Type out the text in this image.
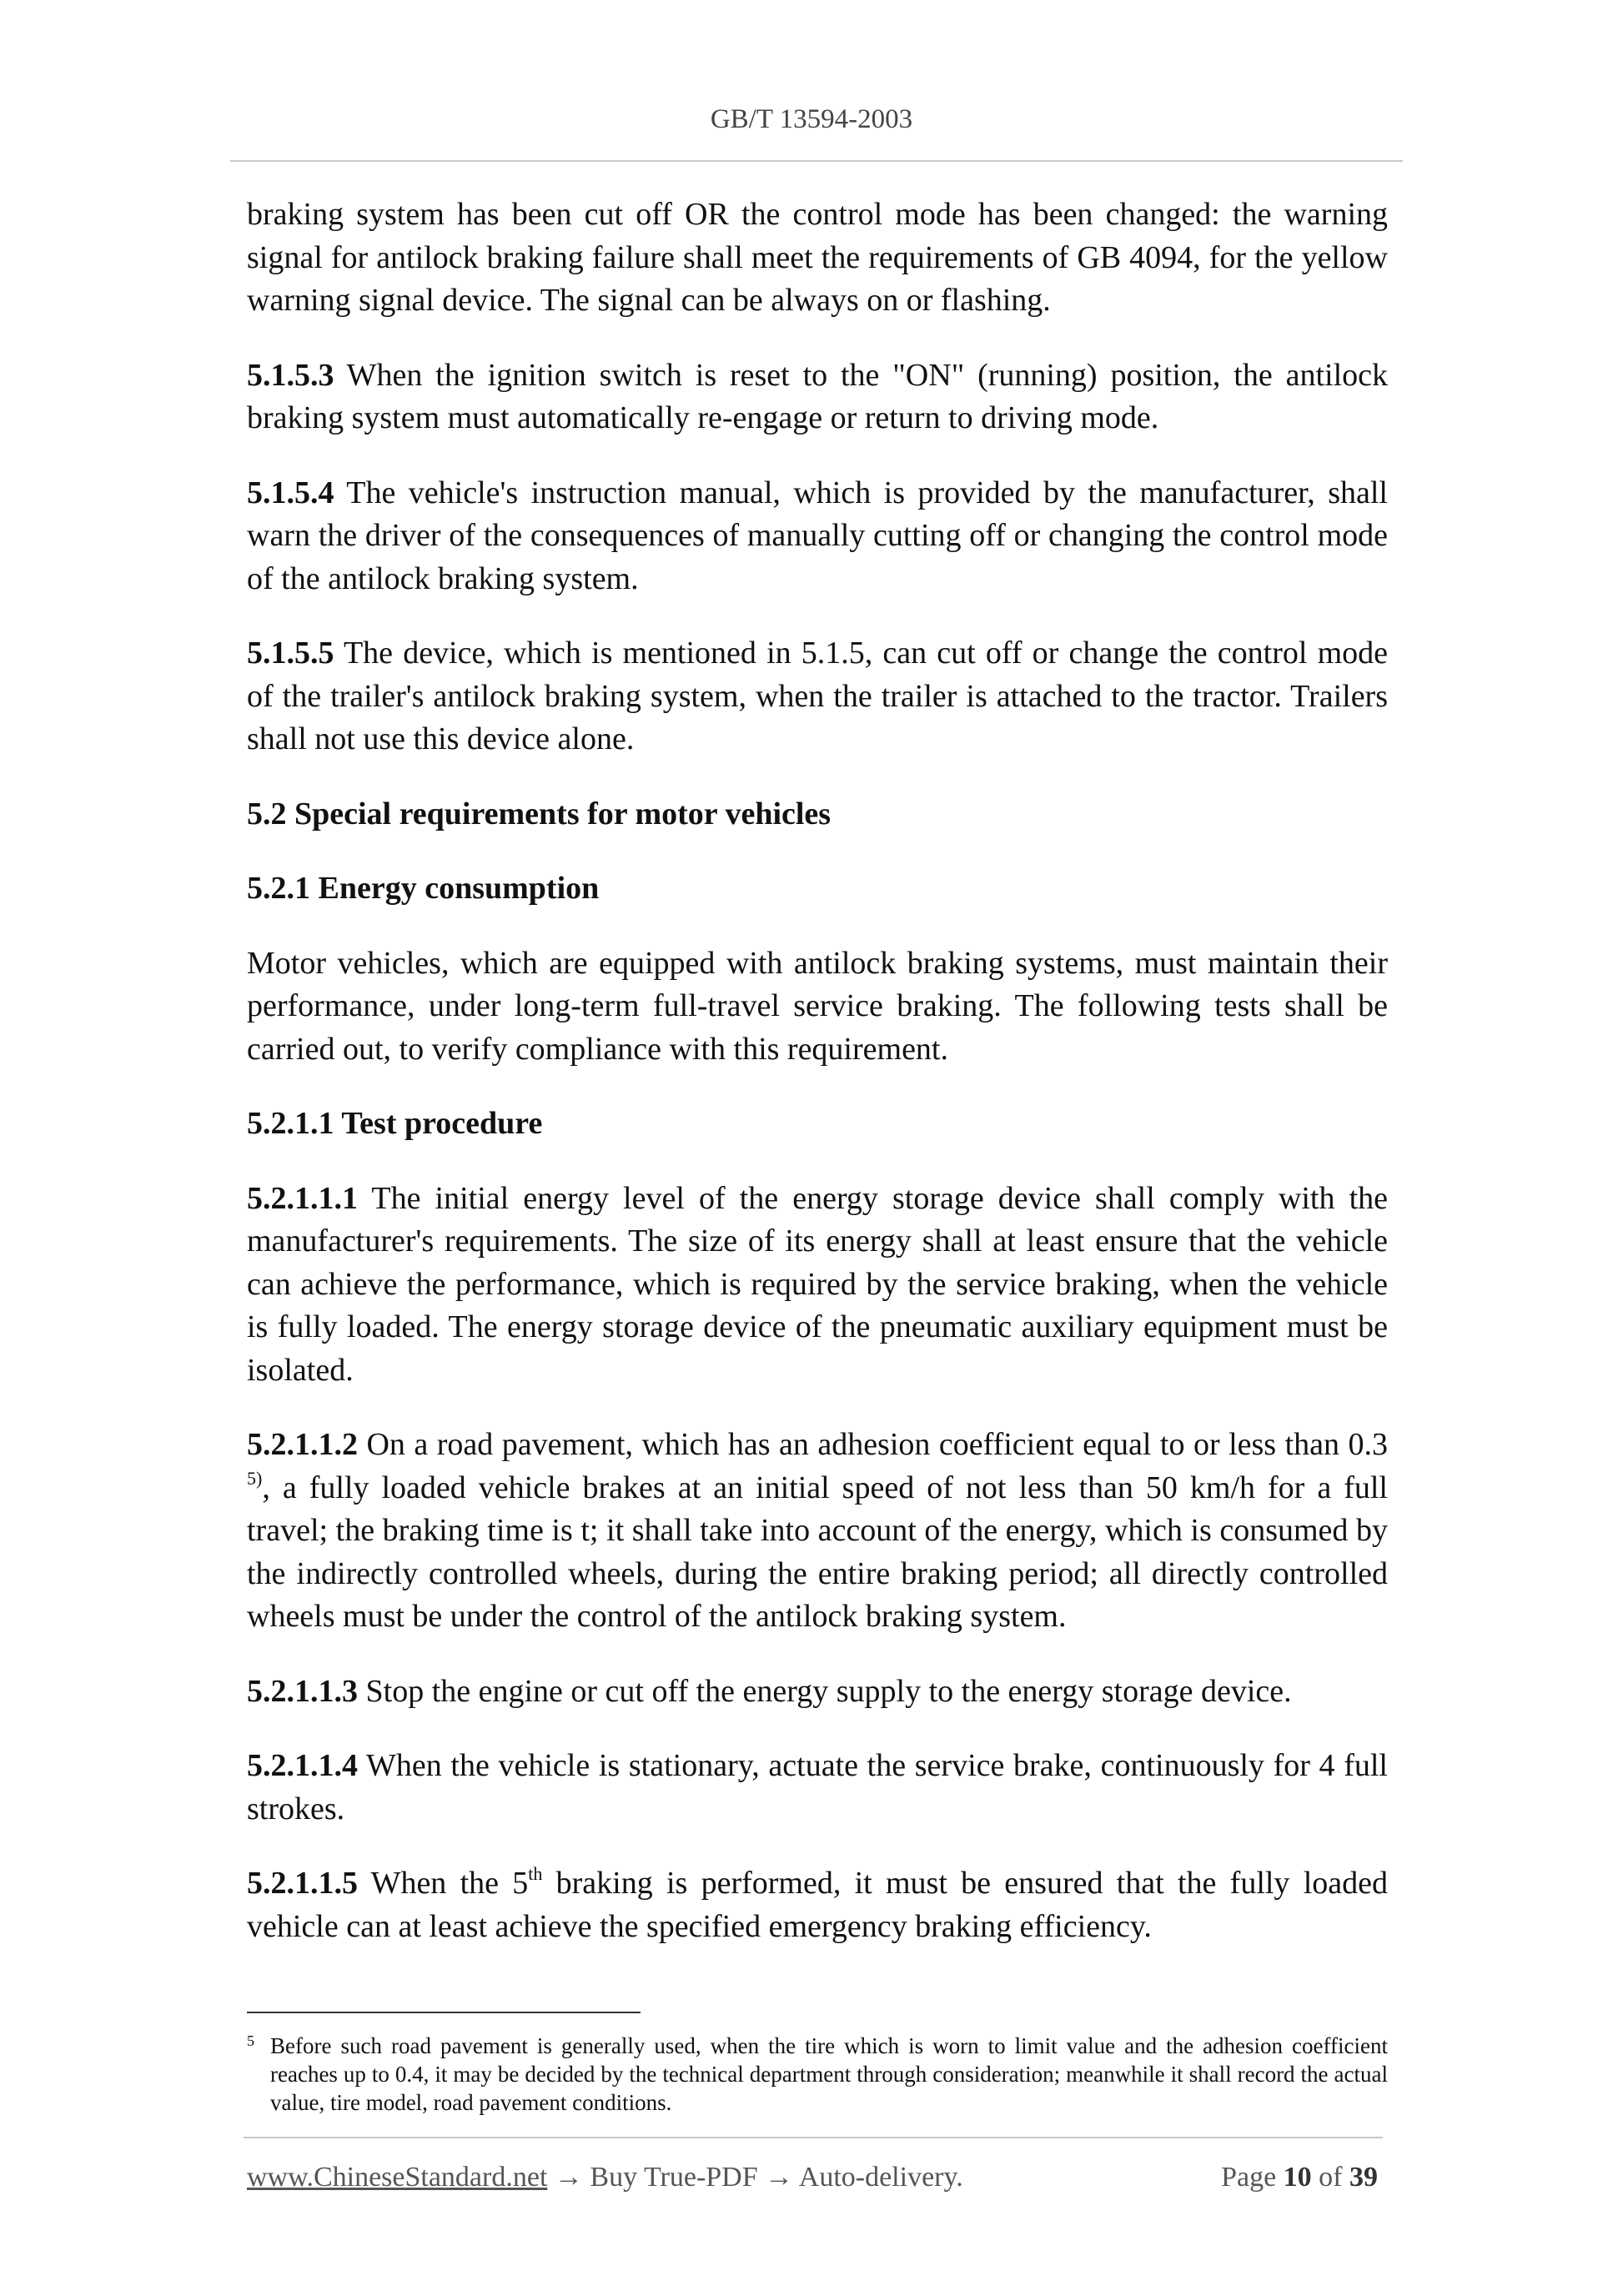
GB/T 13594-2003

braking system has been cut off OR the control mode has been changed: the warning signal for antilock braking failure shall meet the requirements of GB 4094, for the yellow warning signal device. The signal can be always on or flashing.

5.1.5.3 When the ignition switch is reset to the "ON" (running) position, the antilock braking system must automatically re-engage or return to driving mode.

5.1.5.4 The vehicle's instruction manual, which is provided by the manufacturer, shall warn the driver of the consequences of manually cutting off or changing the control mode of the antilock braking system.

5.1.5.5 The device, which is mentioned in 5.1.5, can cut off or change the control mode of the trailer's antilock braking system, when the trailer is attached to the tractor. Trailers shall not use this device alone.

5.2 Special requirements for motor vehicles

5.2.1 Energy consumption

Motor vehicles, which are equipped with antilock braking systems, must maintain their performance, under long-term full-travel service braking. The following tests shall be carried out, to verify compliance with this requirement.

5.2.1.1 Test procedure

5.2.1.1.1 The initial energy level of the energy storage device shall comply with the manufacturer's requirements. The size of its energy shall at least ensure that the vehicle can achieve the performance, which is required by the service braking, when the vehicle is fully loaded. The energy storage device of the pneumatic auxiliary equipment must be isolated.

5.2.1.1.2 On a road pavement, which has an adhesion coefficient equal to or less than 0.3 $^{5)}$, a fully loaded vehicle brakes at an initial speed of not less than 50 km/h for a full travel; the braking time is t; it shall take into account of the energy, which is consumed by the indirectly controlled wheels, during the entire braking period; all directly controlled wheels must be under the control of the antilock braking system.

5.2.1.1.3 Stop the engine or cut off the energy supply to the energy storage device.

5.2.1.1.4 When the vehicle is stationary, actuate the service brake, continuously for 4 full strokes.

5.2.1.1.5 When the 5th braking is performed, it must be ensured that the fully loaded vehicle can at least achieve the specified emergency braking efficiency.

5 Before such road pavement is generally used, when the tire which is worn to limit value and the adhesion coefficient reaches up to 0.4, it may be decided by the technical department through consideration; meanwhile it shall record the actual value, tire model, road pavement conditions.
www.ChineseStandard.net → Buy True-PDF → Auto-delivery.	Page 10 of 39
